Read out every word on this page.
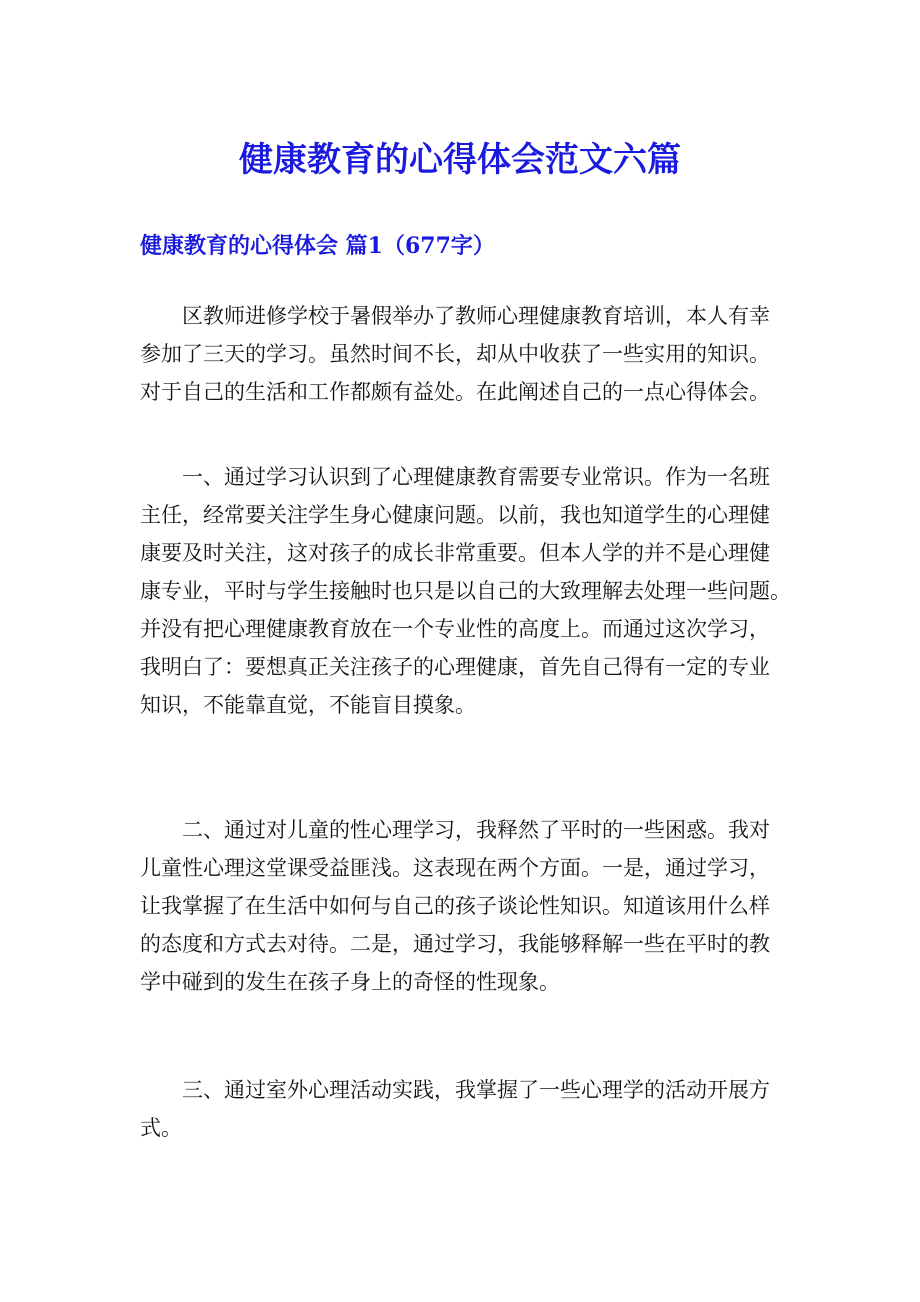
健康教育的心得体会范文六篇
健康教育的心得体会 篇1（677字）
区教师进修学校于暑假举办了教师心理健康教育培训，本人有幸
参加了三天的学习。虽然时间不长，却从中收获了一些实用的知识。
对于自己的生活和工作都颇有益处。在此阐述自己的一点心得体会。
一、通过学习认识到了心理健康教育需要专业常识。作为一名班
主任，经常要关注学生身心健康问题。以前，我也知道学生的心理健
康要及时关注，这对孩子的成长非常重要。但本人学的并不是心理健
康专业，平时与学生接触时也只是以自己的大致理解去处理一些问题。
并没有把心理健康教育放在一个专业性的高度上。而通过这次学习，
我明白了：要想真正关注孩子的心理健康，首先自己得有一定的专业
知识，不能靠直觉，不能盲目摸象。
二、通过对儿童的性心理学习，我释然了平时的一些困惑。我对
儿童性心理这堂课受益匪浅。这表现在两个方面。一是，通过学习，
让我掌握了在生活中如何与自己的孩子谈论性知识。知道该用什么样
的态度和方式去对待。二是，通过学习，我能够释解一些在平时的教
学中碰到的发生在孩子身上的奇怪的性现象。
三、通过室外心理活动实践，我掌握了一些心理学的活动开展方
式。
